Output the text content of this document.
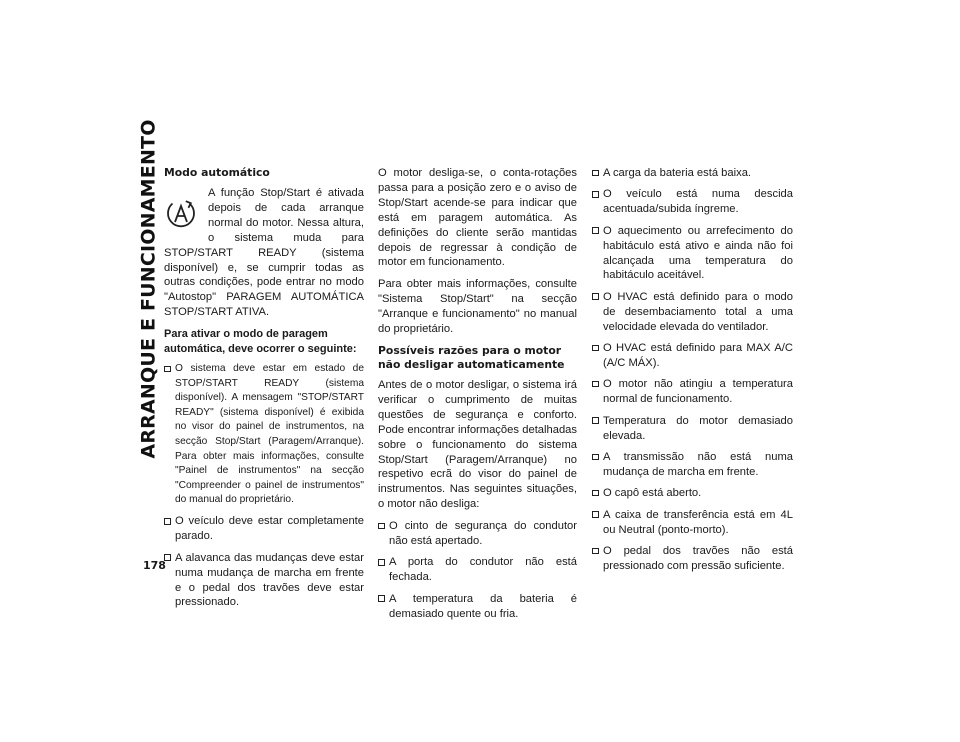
ARRANQUE E FUNCIONAMENTO
178
Modo automático

A função Stop/Start é ativada depois de cada arranque normal do motor. Nessa altura, o sistema muda para STOP/START READY (sistema disponível) e, se cumprir todas as outras condições, pode entrar no modo "Autostop" PARAGEM AUTOMÁTICA STOP/START ATIVA.

Para ativar o modo de paragem automática, deve ocorrer o seguinte:

O sistema deve estar em estado de STOP/START READY (sistema disponível). A mensagem "STOP/START READY" (sistema disponível) é exibida no visor do painel de instrumentos, na secção Stop/Start (Paragem/Arranque). Para obter mais informações, consulte "Painel de instrumentos" na secção "Compreender o painel de instrumentos" do manual do proprietário.
O veículo deve estar completamente parado.
A alavanca das mudanças deve estar numa mudança de marcha em frente e o pedal dos travões deve estar pressionado.

O motor desliga-se, o conta-rotações passa para a posição zero e o aviso de Stop/Start acende-se para indicar que está em paragem automática. As definições do cliente serão mantidas depois de regressar à condição de motor em funcionamento.

Para obter mais informações, consulte "Sistema Stop/Start" na secção "Arranque e funcionamento" no manual do proprietário.

Possíveis razões para o motor não desligar automaticamente

Antes de o motor desligar, o sistema irá verificar o cumprimento de muitas questões de segurança e conforto. Pode encontrar informações detalhadas sobre o funcionamento do sistema Stop/Start (Paragem/Arranque) no respetivo ecrã do visor do painel de instrumentos. Nas seguintes situações, o motor não desliga:

O cinto de segurança do condutor não está apertado.
A porta do condutor não está fechada.
A temperatura da bateria é demasiado quente ou fria.
A carga da bateria está baixa.
O veículo está numa descida acentuada/subida íngreme.
O aquecimento ou arrefecimento do habitáculo está ativo e ainda não foi alcançada uma temperatura do habitáculo aceitável.
O HVAC está definido para o modo de desembaciamento total a uma velocidade elevada do ventilador.
O HVAC está definido para MAX A/C (A/C MÁX).
O motor não atingiu a temperatura normal de funcionamento.
Temperatura do motor demasiado elevada.
A transmissão não está numa mudança de marcha em frente.
O capô está aberto.
A caixa de transferência está em 4L ou Neutral (ponto-morto).
O pedal dos travões não está pressionado com pressão suficiente.
